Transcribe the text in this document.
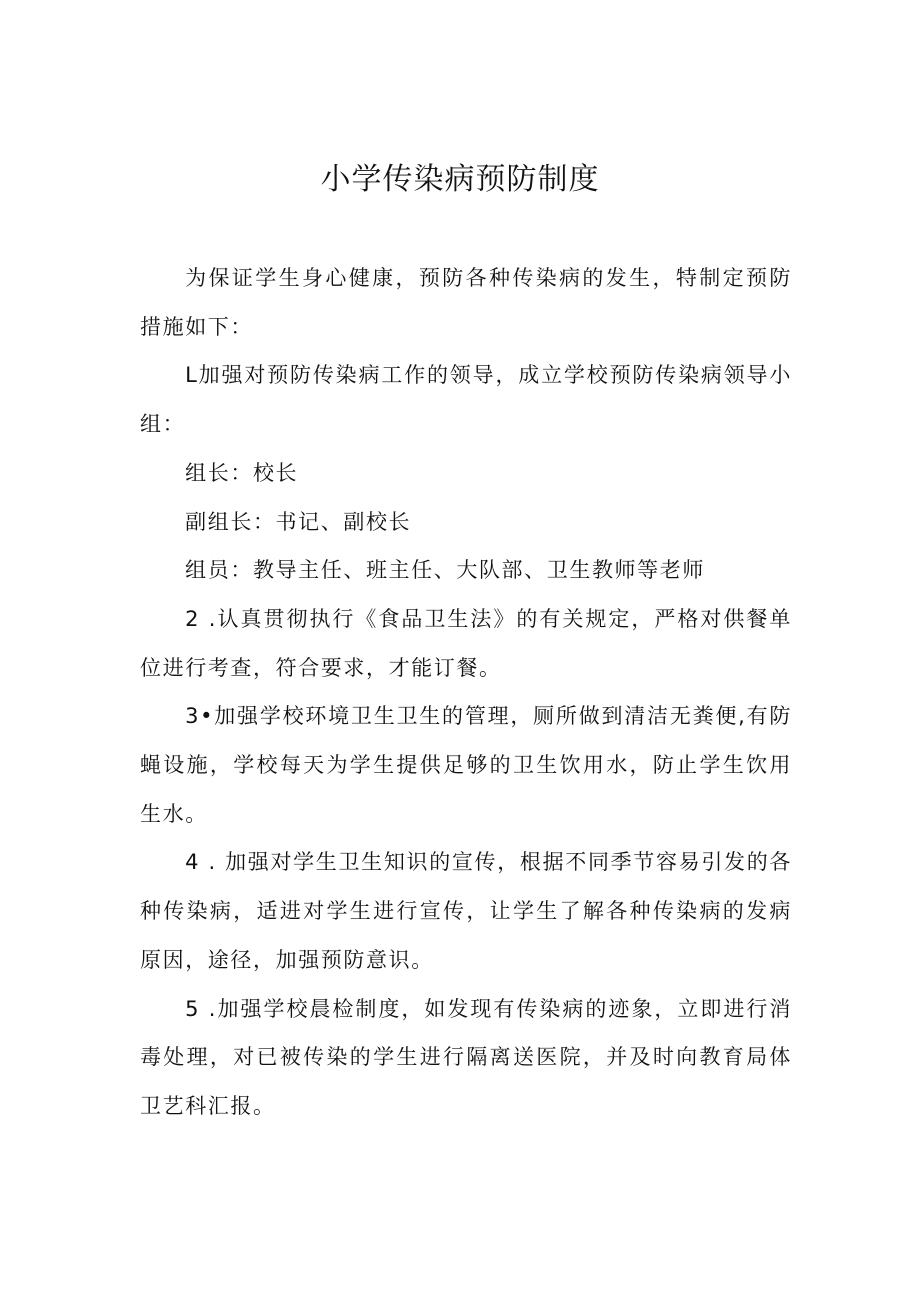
小学传染病预防制度

为保证学生身心健康，预防各种传染病的发生，特制定预防措施如下：

L加强对预防传染病工作的领导，成立学校预防传染病领导小组：

组长：校长

副组长：书记、副校长

组员：教导主任、班主任、大队部、卫生教师等老师

2 .认真贯彻执行《食品卫生法》的有关规定，严格对供餐单位进行考查，符合要求，才能订餐。

3•加强学校环境卫生卫生的管理，厕所做到清洁无粪便,有防蝇设施，学校每天为学生提供足够的卫生饮用水，防止学生饮用生水。

4 . 加强对学生卫生知识的宣传，根据不同季节容易引发的各种传染病，适进对学生进行宣传，让学生了解各种传染病的发病原因，途径，加强预防意识。

5 .加强学校晨检制度，如发现有传染病的迹象，立即进行消毒处理，对已被传染的学生进行隔离送医院，并及时向教育局体卫艺科汇报。
